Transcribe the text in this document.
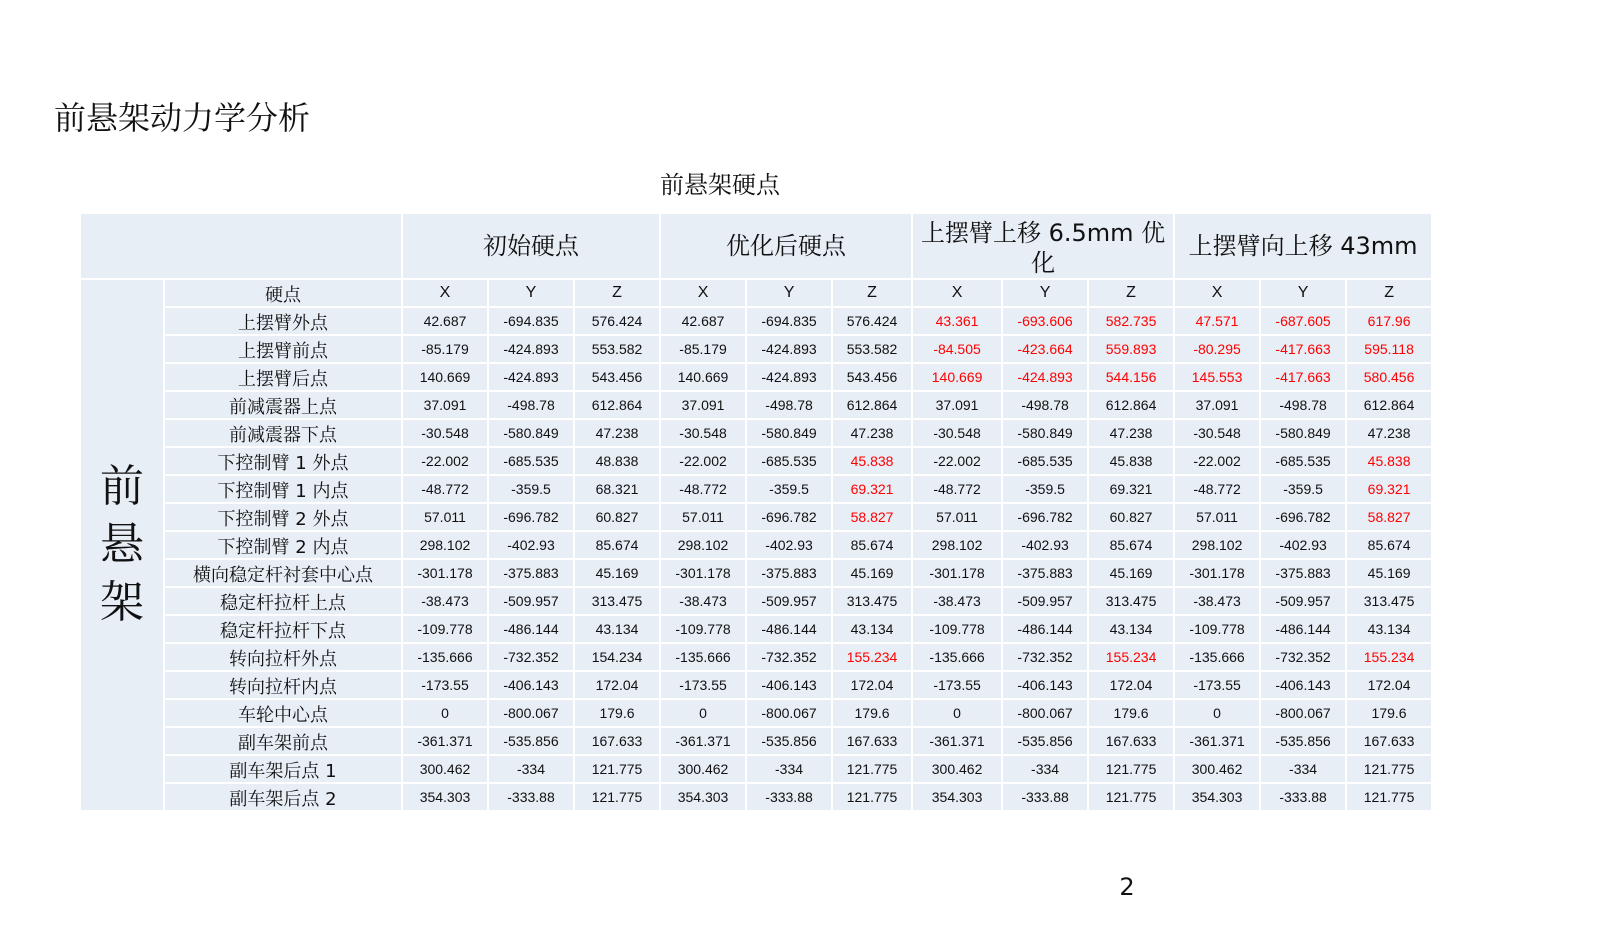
前悬架动力学分析
前悬架硬点
		初始硬点			优化后硬点			上摆臂上移 6.5mm 优化			上摆臂向上移 43mm		

前
悬
架	硬点	X	Y	Z	X	Y	Z	X	Y	Z	X	Y	Z
	上摆臂外点	42.687	-694.835	576.424	42.687	-694.835	576.424	43.361	-693.606	582.735	47.571	-687.605	617.96
	上摆臂前点	-85.179	-424.893	553.582	-85.179	-424.893	553.582	-84.505	-423.664	559.893	-80.295	-417.663	595.118
	上摆臂后点	140.669	-424.893	543.456	140.669	-424.893	543.456	140.669	-424.893	544.156	145.553	-417.663	580.456
	前减震器上点	37.091	-498.78	612.864	37.091	-498.78	612.864	37.091	-498.78	612.864	37.091	-498.78	612.864
	前减震器下点	-30.548	-580.849	47.238	-30.548	-580.849	47.238	-30.548	-580.849	47.238	-30.548	-580.849	47.238
	下控制臂 1 外点	-22.002	-685.535	48.838	-22.002	-685.535	45.838	-22.002	-685.535	45.838	-22.002	-685.535	45.838
	下控制臂 1 内点	-48.772	-359.5	68.321	-48.772	-359.5	69.321	-48.772	-359.5	69.321	-48.772	-359.5	69.321
	下控制臂 2 外点	57.011	-696.782	60.827	57.011	-696.782	58.827	57.011	-696.782	60.827	57.011	-696.782	58.827
	下控制臂 2 内点	298.102	-402.93	85.674	298.102	-402.93	85.674	298.102	-402.93	85.674	298.102	-402.93	85.674
	横向稳定杆衬套中心点	-301.178	-375.883	45.169	-301.178	-375.883	45.169	-301.178	-375.883	45.169	-301.178	-375.883	45.169
	稳定杆拉杆上点	-38.473	-509.957	313.475	-38.473	-509.957	313.475	-38.473	-509.957	313.475	-38.473	-509.957	313.475
	稳定杆拉杆下点	-109.778	-486.144	43.134	-109.778	-486.144	43.134	-109.778	-486.144	43.134	-109.778	-486.144	43.134
	转向拉杆外点	-135.666	-732.352	154.234	-135.666	-732.352	155.234	-135.666	-732.352	155.234	-135.666	-732.352	155.234
	转向拉杆内点	-173.55	-406.143	172.04	-173.55	-406.143	172.04	-173.55	-406.143	172.04	-173.55	-406.143	172.04
	车轮中心点	0	-800.067	179.6	0	-800.067	179.6	0	-800.067	179.6	0	-800.067	179.6
	副车架前点	-361.371	-535.856	167.633	-361.371	-535.856	167.633	-361.371	-535.856	167.633	-361.371	-535.856	167.633
	副车架后点 1	300.462	-334	121.775	300.462	-334	121.775	300.462	-334	121.775	300.462	-334	121.775
	副车架后点 2	354.303	-333.88	121.775	354.303	-333.88	121.775	354.303	-333.88	121.775	354.303	-333.88	121.775
2
